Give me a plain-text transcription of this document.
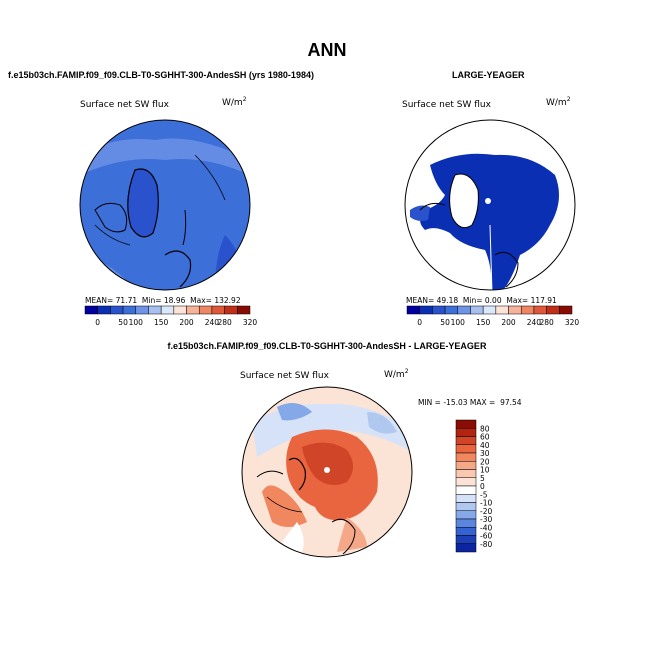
ANN
f.e15b03ch.FAMIP.f09_f09.CLB-T0-SGHHT-300-AndesSH (yrs 1980-1984)
Surface net SW flux	$W/m^2$
MEAN= 71.71 Min= 18.96 Max= 132.92
0 50 100 150 200 240
280 320
LARGE-YEAGER
Surface net SW flux	$W/m^2$
MEAN= 49.18 Min= 0.00 Max= 117.91
0 50 100 150 200 240
280 320
f.e15b03ch.FAMIP.f09_f09.CLB-T0-SGHHT-300-AndesSH - LARGE-YEAGER
Surface net SW flux	$W/m^2$
MIN = -15.03 MAX =  97.54
80
60
40
30
20
10
5
0
-5
-10
-20
-30
-40
-60
-80
